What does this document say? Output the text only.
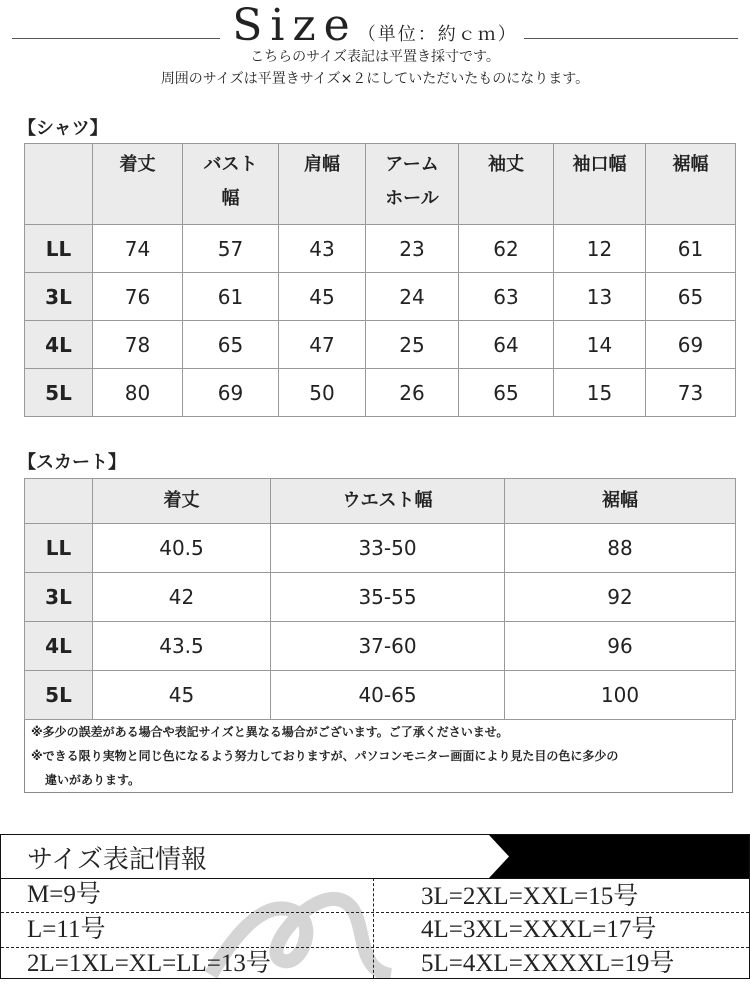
Size（単位：約ｃｍ）
こちらのサイズ表記は平置き採寸です。
周囲のサイズは平置きサイズ×２にしていただいたものになります。
【シャツ】
	着丈	バスト幅	肩幅	アームホール	袖丈	袖口幅	裾幅
LL	74	57	43	23	62	12	61
3L	76	61	45	24	63	13	65
4L	78	65	47	25	64	14	69
5L	80	69	50	26	65	15	73
【スカート】
	着丈	ウエスト幅	裾幅
LL	40.5	33-50	88
3L	42	35-55	92
4L	43.5	37-60	96
5L	45	40-65	100
※多少の誤差がある場合や表記サイズと異なる場合がございます。ご了承くださいませ。
※できる限り実物と同じ色になるよう努力しておりますが、パソコンモニター画面により見た目の色に多少の
違いがあります。
サイズ表記情報
M=9号
L=11号
2L=1XL=XL=LL=13号
3L=2XL=XXL=15号
4L=3XL=XXXL=17号
5L=4XL=XXXXL=19号
